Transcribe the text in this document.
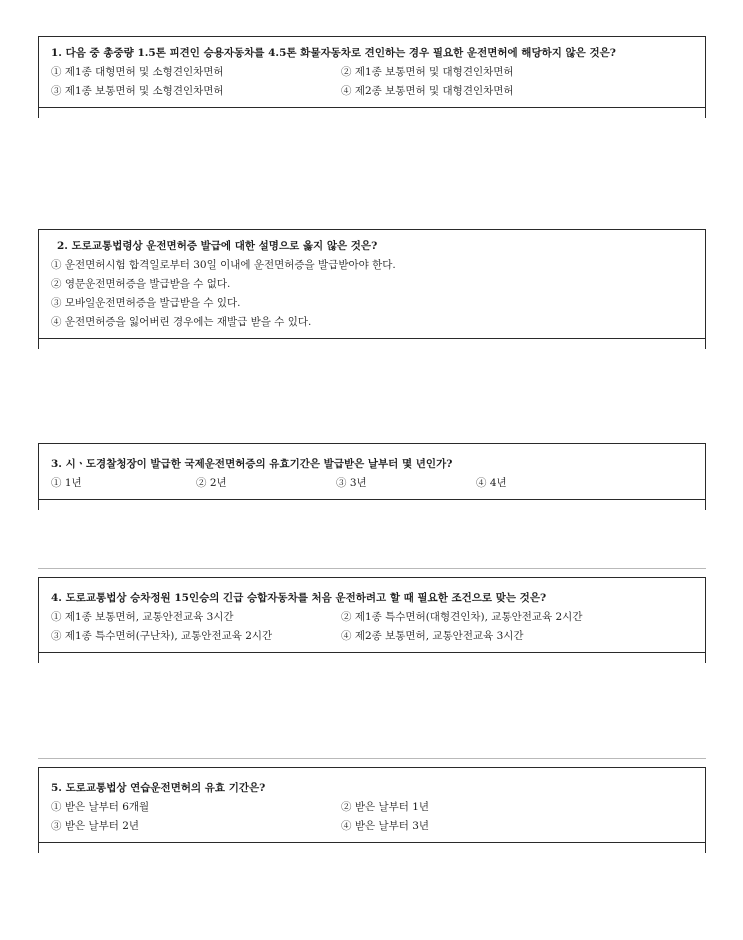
1. 다음 중 총중량 1.5톤 피견인 승용자동차를 4.5톤 화물자동차로 견인하는 경우 필요한 운전면허에 해당하지 않은 것은?

① 제1종 대형면허 및 소형견인차면허	② 제1종 보통면허 및 대형견인차면허
③ 제1종 보통면허 및 소형견인차면허	④ 제2종 보통면허 및 대형견인차면허

2. 도로교통법령상 운전면허증 발급에 대한 설명으로 옳지 않은 것은?

① 운전면허시험 합격일로부터 30일 이내에 운전면허증을 발급받아야 한다.
② 영문운전면허증을 발급받을 수 없다.
③ 모바일운전면허증을 발급받을 수 있다.
④ 운전면허증을 잃어버린 경우에는 재발급 받을 수 있다.

3. 시ㆍ도경찰청장이 발급한 국제운전면허증의 유효기간은 발급받은 날부터 몇 년인가?

① 1년	② 2년	③ 3년	④ 4년

4. 도로교통법상 승차정원 15인승의 긴급 승합자동차를 처음 운전하려고 할 때 필요한 조건으로 맞는 것은?

① 제1종 보통면허, 교통안전교육 3시간	② 제1종 특수면허(대형견인차), 교통안전교육 2시간
③ 제1종 특수면허(구난차), 교통안전교육 2시간	④ 제2종 보통면허, 교통안전교육 3시간

5. 도로교통법상 연습운전면허의 유효 기간은?

① 받은 날부터 6개월	② 받은 날부터 1년
③ 받은 날부터 2년	④ 받은 날부터 3년
